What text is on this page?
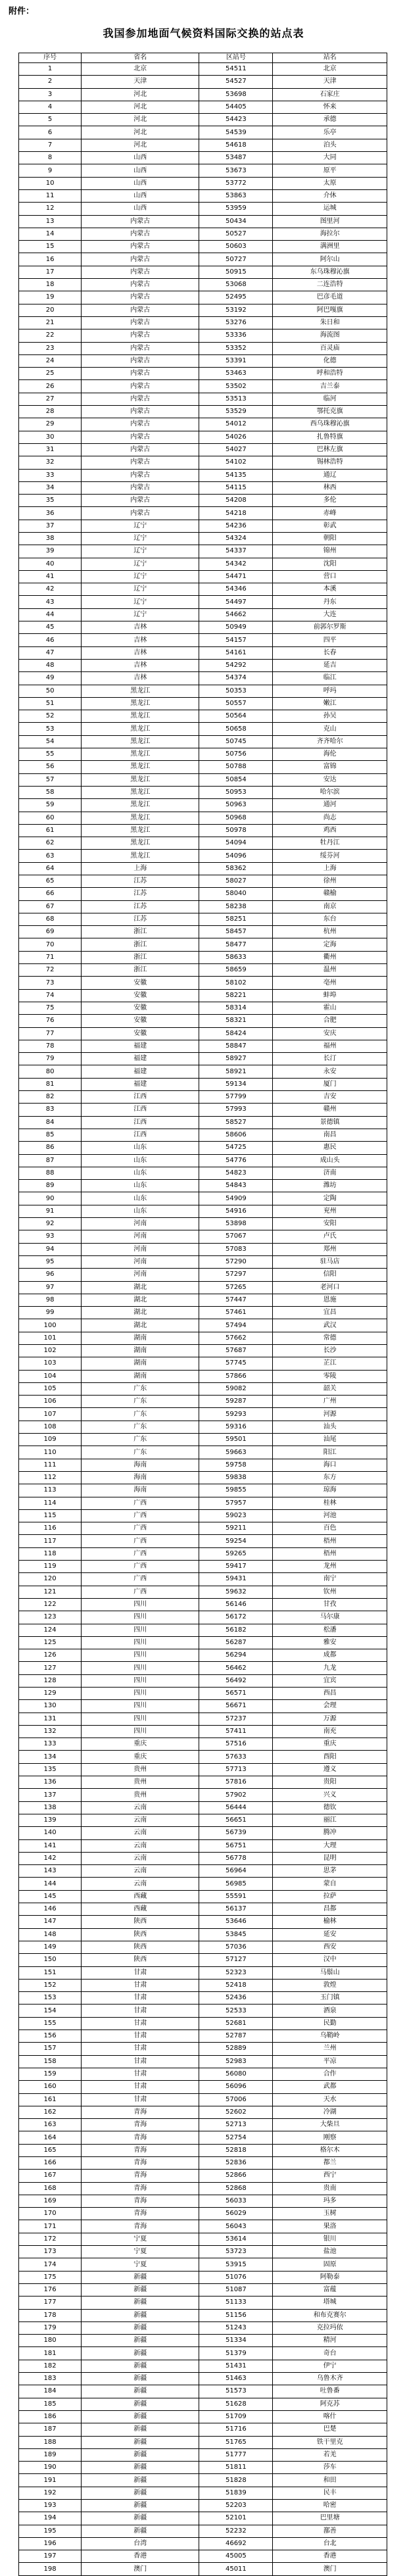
附件：
我国参加地面气候资料国际交换的站点表
序号	省名	区站号	站名
1	北京	54511	北京
2	天津	54527	天津
3	河北	53698	石家庄
4	河北	54405	怀来
5	河北	54423	承德
6	河北	54539	乐亭
7	河北	54618	泊头
8	山西	53487	大同
9	山西	53673	原平
10	山西	53772	太原
11	山西	53863	介休
12	山西	53959	运城
13	内蒙古	50434	图里河
14	内蒙古	50527	海拉尔
15	内蒙古	50603	满洲里
16	内蒙古	50727	阿尔山
17	内蒙古	50915	东乌珠穆沁旗
18	内蒙古	53068	二连浩特
19	内蒙古	52495	巴彦毛道
20	内蒙古	53192	阿巴嘎旗
21	内蒙古	53276	朱日和
22	内蒙古	53336	海流图
23	内蒙古	53352	百灵庙
24	内蒙古	53391	化德
25	内蒙古	53463	呼和浩特
26	内蒙古	53502	吉兰泰
27	内蒙古	53513	临河
28	内蒙古	53529	鄂托克旗
29	内蒙古	54012	西乌珠穆沁旗
30	内蒙古	54026	扎鲁特旗
31	内蒙古	54027	巴林左旗
32	内蒙古	54102	锡林浩特
33	内蒙古	54135	通辽
34	内蒙古	54115	林西
35	内蒙古	54208	多伦
36	内蒙古	54218	赤峰
37	辽宁	54236	彰武
38	辽宁	54324	朝阳
39	辽宁	54337	锦州
40	辽宁	54342	沈阳
41	辽宁	54471	营口
42	辽宁	54346	本溪
43	辽宁	54497	丹东
44	辽宁	54662	大连
45	吉林	50949	前郭尔罗斯
46	吉林	54157	四平
47	吉林	54161	长春
48	吉林	54292	延吉
49	吉林	54374	临江
50	黑龙江	50353	呼玛
51	黑龙江	50557	嫩江
52	黑龙江	50564	孙吴
53	黑龙江	50658	克山
54	黑龙江	50745	齐齐哈尔
55	黑龙江	50756	海伦
56	黑龙江	50788	富锦
57	黑龙江	50854	安达
58	黑龙江	50953	哈尔滨
59	黑龙江	50963	通河
60	黑龙江	50968	尚志
61	黑龙江	50978	鸡西
62	黑龙江	54094	牡丹江
63	黑龙江	54096	绥芬河
64	上海	58362	上海
65	江苏	58027	徐州
66	江苏	58040	赣榆
67	江苏	58238	南京
68	江苏	58251	东台
69	浙江	58457	杭州
70	浙江	58477	定海
71	浙江	58633	衢州
72	浙江	58659	温州
73	安徽	58102	亳州
74	安徽	58221	蚌埠
75	安徽	58314	霍山
76	安徽	58321	合肥
77	安徽	58424	安庆
78	福建	58847	福州
79	福建	58927	长汀
80	福建	58921	永安
81	福建	59134	厦门
82	江西	57799	吉安
83	江西	57993	赣州
84	江西	58527	景德镇
85	江西	58606	南昌
86	山东	54725	惠民
87	山东	54776	成山头
88	山东	54823	济南
89	山东	54843	潍坊
90	山东	54909	定陶
91	山东	54916	兖州
92	河南	53898	安阳
93	河南	57067	卢氏
94	河南	57083	郑州
95	河南	57290	驻马店
96	河南	57297	信阳
97	湖北	57265	老河口
98	湖北	57447	恩施
99	湖北	57461	宜昌
100	湖北	57494	武汉
101	湖南	57662	常德
102	湖南	57687	长沙
103	湖南	57745	芷江
104	湖南	57866	零陵
105	广东	59082	韶关
106	广东	59287	广州
107	广东	59293	河源
108	广东	59316	汕头
109	广东	59501	汕尾
110	广东	59663	阳江
111	海南	59758	海口
112	海南	59838	东方
113	海南	59855	琼海
114	广西	57957	桂林
115	广西	59023	河池
116	广西	59211	百色
117	广西	59254	梧州
118	广西	59265	梧州
119	广西	59417	龙州
120	广西	59431	南宁
121	广西	59632	钦州
122	四川	56146	甘孜
123	四川	56172	马尔康
124	四川	56182	松潘
125	四川	56287	雅安
126	四川	56294	成都
127	四川	56462	九龙
128	四川	56492	宜宾
129	四川	56571	西昌
130	四川	56671	会理
131	四川	57237	万源
132	四川	57411	南充
133	重庆	57516	重庆
134	重庆	57633	酉阳
135	贵州	57713	遵义
136	贵州	57816	贵阳
137	贵州	57902	兴义
138	云南	56444	德钦
139	云南	56651	丽江
140	云南	56739	腾冲
141	云南	56751	大理
142	云南	56778	昆明
143	云南	56964	思茅
144	云南	56985	蒙自
145	西藏	55591	拉萨
146	西藏	56137	昌都
147	陕西	53646	榆林
148	陕西	53845	延安
149	陕西	57036	西安
150	陕西	57127	汉中
151	甘肃	52323	马鬃山
152	甘肃	52418	敦煌
153	甘肃	52436	玉门镇
154	甘肃	52533	酒泉
155	甘肃	52681	民勤
156	甘肃	52787	乌鞘岭
157	甘肃	52889	兰州
158	甘肃	52983	平凉
159	甘肃	56080	合作
160	甘肃	56096	武都
161	甘肃	57006	天水
162	青海	52602	冷湖
163	青海	52713	大柴旦
164	青海	52754	刚察
165	青海	52818	格尔木
166	青海	52836	都兰
167	青海	52866	西宁
168	青海	52868	贵南
169	青海	56033	玛多
170	青海	56029	玉树
171	青海	56043	果洛
172	宁夏	53614	银川
173	宁夏	53723	盐池
174	宁夏	53915	固原
175	新疆	51076	阿勒泰
176	新疆	51087	富蕴
177	新疆	51133	塔城
178	新疆	51156	和布克赛尔
179	新疆	51243	克拉玛依
180	新疆	51334	精河
181	新疆	51379	奇台
182	新疆	51431	伊宁
183	新疆	51463	乌鲁木齐
184	新疆	51573	吐鲁番
185	新疆	51628	阿克苏
186	新疆	51709	喀什
187	新疆	51716	巴楚
188	新疆	51765	铁干里克
189	新疆	51777	若羌
190	新疆	51811	莎车
191	新疆	51828	和田
192	新疆	51839	民丰
193	新疆	52203	哈密
194	新疆	52101	巴里塘
195	新疆	52232	鄯善
196	台湾	46692	台北
197	香港	45005	香港
198	澳门	45011	澳门
